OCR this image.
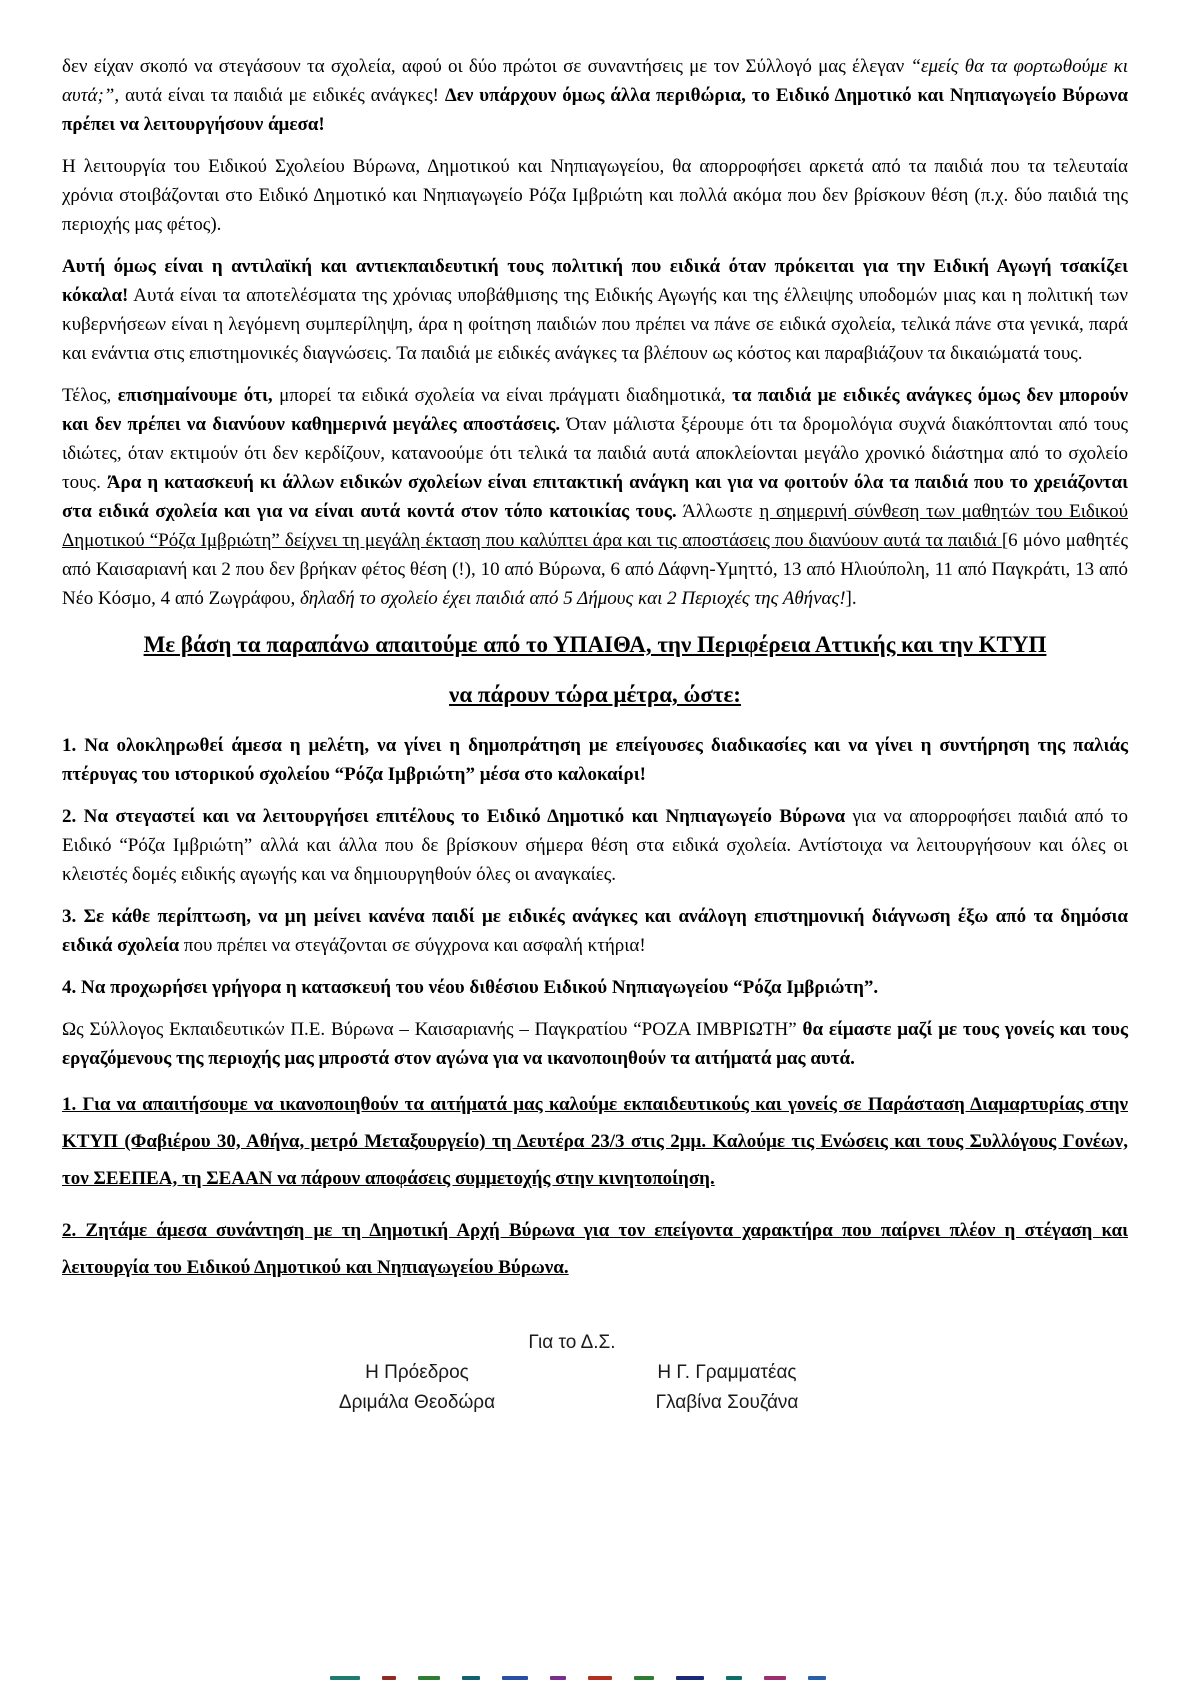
δεν είχαν σκοπό να στεγάσουν τα σχολεία, αφού οι δύο πρώτοι σε συναντήσεις με τον Σύλλογό μας έλεγαν “εμείς θα τα φορτωθούμε κι αυτά;”, αυτά είναι τα παιδιά με ειδικές ανάγκες! Δεν υπάρχουν όμως άλλα περιθώρια, το Ειδικό Δημοτικό και Νηπιαγωγείο Βύρωνα πρέπει να λειτουργήσουν άμεσα!

Η λειτουργία του Ειδικού Σχολείου Βύρωνα, Δημοτικού και Νηπιαγωγείου, θα απορροφήσει αρκετά από τα παιδιά που τα τελευταία χρόνια στοιβάζονται στο Ειδικό Δημοτικό και Νηπιαγωγείο Ρόζα Ιμβριώτη και πολλά ακόμα που δεν βρίσκουν θέση (π.χ. δύο παιδιά της περιοχής μας φέτος).

Αυτή όμως είναι η αντιλαϊκή και αντιεκπαιδευτική τους πολιτική που ειδικά όταν πρόκειται για την Ειδική Αγωγή τσακίζει κόκαλα! Αυτά είναι τα αποτελέσματα της χρόνιας υποβάθμισης της Ειδικής Αγωγής και της έλλειψης υποδομών μιας και η πολιτική των κυβερνήσεων είναι η λεγόμενη συμπερίληψη, άρα η φοίτηση παιδιών που πρέπει να πάνε σε ειδικά σχολεία, τελικά πάνε στα γενικά, παρά και ενάντια στις επιστημονικές διαγνώσεις. Τα παιδιά με ειδικές ανάγκες τα βλέπουν ως κόστος και παραβιάζουν τα δικαιώματά τους.

Τέλος, επισημαίνουμε ότι, μπορεί τα ειδικά σχολεία να είναι πράγματι διαδημοτικά, τα παιδιά με ειδικές ανάγκες όμως δεν μπορούν και δεν πρέπει να διανύουν καθημερινά μεγάλες αποστάσεις. Όταν μάλιστα ξέρουμε ότι τα δρομολόγια συχνά διακόπτονται από τους ιδιώτες, όταν εκτιμούν ότι δεν κερδίζουν, κατανοούμε ότι τελικά τα παιδιά αυτά αποκλείονται μεγάλο χρονικό διάστημα από το σχολείο τους. Άρα η κατασκευή κι άλλων ειδικών σχολείων είναι επιτακτική ανάγκη και για να φοιτούν όλα τα παιδιά που το χρειάζονται στα ειδικά σχολεία και για να είναι αυτά κοντά στον τόπο κατοικίας τους. Άλλωστε η σημερινή σύνθεση των μαθητών του Ειδικού Δημοτικού “Ρόζα Ιμβριώτη” δείχνει τη μεγάλη έκταση που καλύπτει άρα και τις αποστάσεις που διανύουν αυτά τα παιδιά [6 μόνο μαθητές από Καισαριανή και 2 που δεν βρήκαν φέτος θέση (!), 10 από Βύρωνα, 6 από Δάφνη-Υμηττό, 13 από Ηλιούπολη, 11 από Παγκράτι, 13 από Νέο Κόσμο, 4 από Ζωγράφου, δηλαδή το σχολείο έχει παιδιά από 5 Δήμους και 2 Περιοχές της Αθήνας!].

Με βάση τα παραπάνω απαιτούμε από το ΥΠΑΙΘΑ, την Περιφέρεια Αττικής και την ΚΤΥΠ
να πάρουν τώρα μέτρα, ώστε:

1. Να ολοκληρωθεί άμεσα η μελέτη, να γίνει η δημοπράτηση με επείγουσες διαδικασίες και να γίνει η συντήρηση της παλιάς πτέρυγας του ιστορικού σχολείου “Ρόζα Ιμβριώτη” μέσα στο καλοκαίρι!

2. Να στεγαστεί και να λειτουργήσει επιτέλους το Ειδικό Δημοτικό και Νηπιαγωγείο Βύρωνα για να απορροφήσει παιδιά από το Ειδικό “Ρόζα Ιμβριώτη” αλλά και άλλα που δε βρίσκουν σήμερα θέση στα ειδικά σχολεία. Αντίστοιχα να λειτουργήσουν και όλες οι κλειστές δομές ειδικής αγωγής και να δημιουργηθούν όλες οι αναγκαίες.

3. Σε κάθε περίπτωση, να μη μείνει κανένα παιδί με ειδικές ανάγκες και ανάλογη επιστημονική διάγνωση έξω από τα δημόσια ειδικά σχολεία που πρέπει να στεγάζονται σε σύγχρονα και ασφαλή κτήρια!

4. Να προχωρήσει γρήγορα η κατασκευή του νέου διθέσιου Ειδικού Νηπιαγωγείου “Ρόζα Ιμβριώτη”.

Ως Σύλλογος Εκπαιδευτικών Π.Ε. Βύρωνα – Καισαριανής – Παγκρατίου “ΡΟΖΑ ΙΜΒΡΙΩΤΗ” θα είμαστε μαζί με τους γονείς και τους εργαζόμενους της περιοχής μας μπροστά στον αγώνα για να ικανοποιηθούν τα αιτήματά μας αυτά.

1. Για να απαιτήσουμε να ικανοποιηθούν τα αιτήματά μας καλούμε εκπαιδευτικούς και γονείς σε Παράσταση Διαμαρτυρίας στην ΚΤΥΠ (Φαβιέρου 30, Αθήνα, μετρό Μεταξουργείο) τη Δευτέρα 23/3 στις 2μμ. Καλούμε τις Ενώσεις και τους Συλλόγους Γονέων, τον ΣΕΕΠΕΑ, τη ΣΕΑΑΝ να πάρουν αποφάσεις συμμετοχής στην κινητοποίηση.

2. Ζητάμε άμεσα συνάντηση με τη Δημοτική Αρχή Βύρωνα για τον επείγοντα χαρακτήρα που παίρνει πλέον η στέγαση και λειτουργία του Ειδικού Δημοτικού και Νηπιαγωγείου Βύρωνα.

Για το Δ.Σ.
Η Πρόεδρος
Δριμάλα Θεοδώρα
Η Γ. Γραμματέας
Γλαβίνα Σουζάνα
